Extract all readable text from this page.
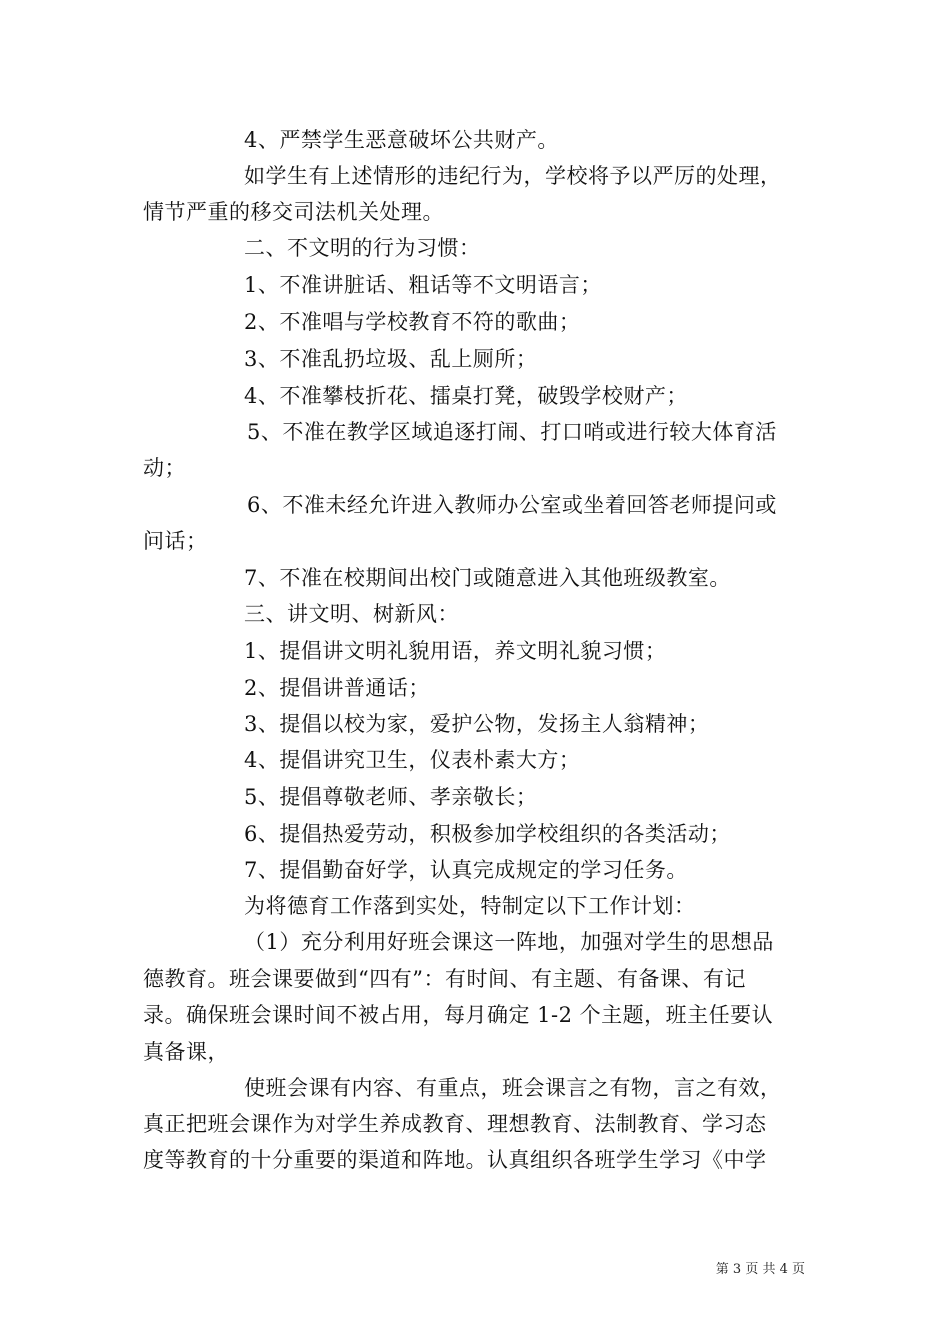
4、严禁学生恶意破坏公共财产。
如学生有上述情形的违纪行为，学校将予以严厉的处理，
情节严重的移交司法机关处理。
二、不文明的行为习惯：
1、不准讲脏话、粗话等不文明语言；
2、不准唱与学校教育不符的歌曲；
3、不准乱扔垃圾、乱上厕所；
4、不准攀枝折花、擂桌打凳，破毁学校财产；
5、不准在教学区域追逐打闹、打口哨或进行较大体育活
动；
6、不准未经允许进入教师办公室或坐着回答老师提问或
问话；
7、不准在校期间出校门或随意进入其他班级教室。
三、讲文明、树新风：
1、提倡讲文明礼貌用语，养文明礼貌习惯；
2、提倡讲普通话；
3、提倡以校为家，爱护公物，发扬主人翁精神；
4、提倡讲究卫生，仪表朴素大方；
5、提倡尊敬老师、孝亲敬长；
6、提倡热爱劳动，积极参加学校组织的各类活动；
7、提倡勤奋好学，认真完成规定的学习任务。
为将德育工作落到实处，特制定以下工作计划：
（1）充分利用好班会课这一阵地，加强对学生的思想品
德教育。班会课要做到“四有”：有时间、有主题、有备课、有记
录。确保班会课时间不被占用，每月确定 1-2 个主题，班主任要认
真备课，
使班会课有内容、有重点，班会课言之有物，言之有效，
真正把班会课作为对学生养成教育、理想教育、法制教育、学习态
度等教育的十分重要的渠道和阵地。认真组织各班学生学习《中学
第 3 页 共 4 页
